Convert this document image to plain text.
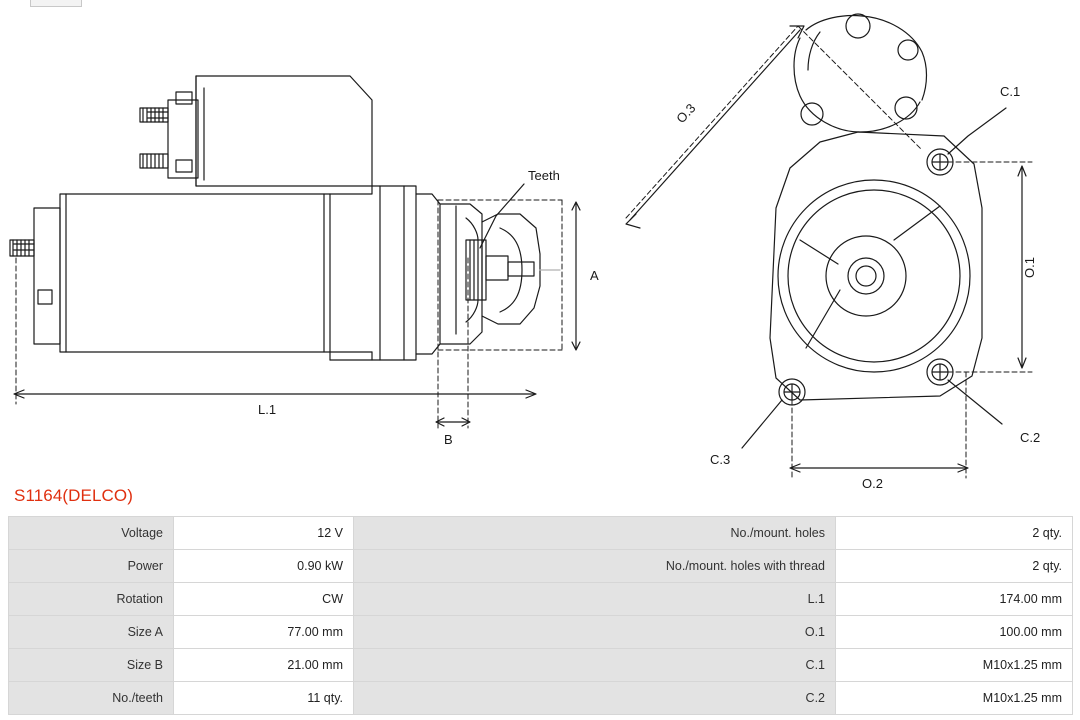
A
B
L.1
Teeth
O.1
O.2
O.3
C.1
C.2
C.3
S1164(DELCO)
Voltage	12 V	No./mount. holes	2 qty.
Power	0.90 kW	No./mount. holes with thread	2 qty.
Rotation	CW	L.1	174.00 mm
Size A	77.00 mm	O.1	100.00 mm
Size B	21.00 mm	C.1	M10x1.25 mm
No./teeth	11 qty.	C.2	M10x1.25 mm
